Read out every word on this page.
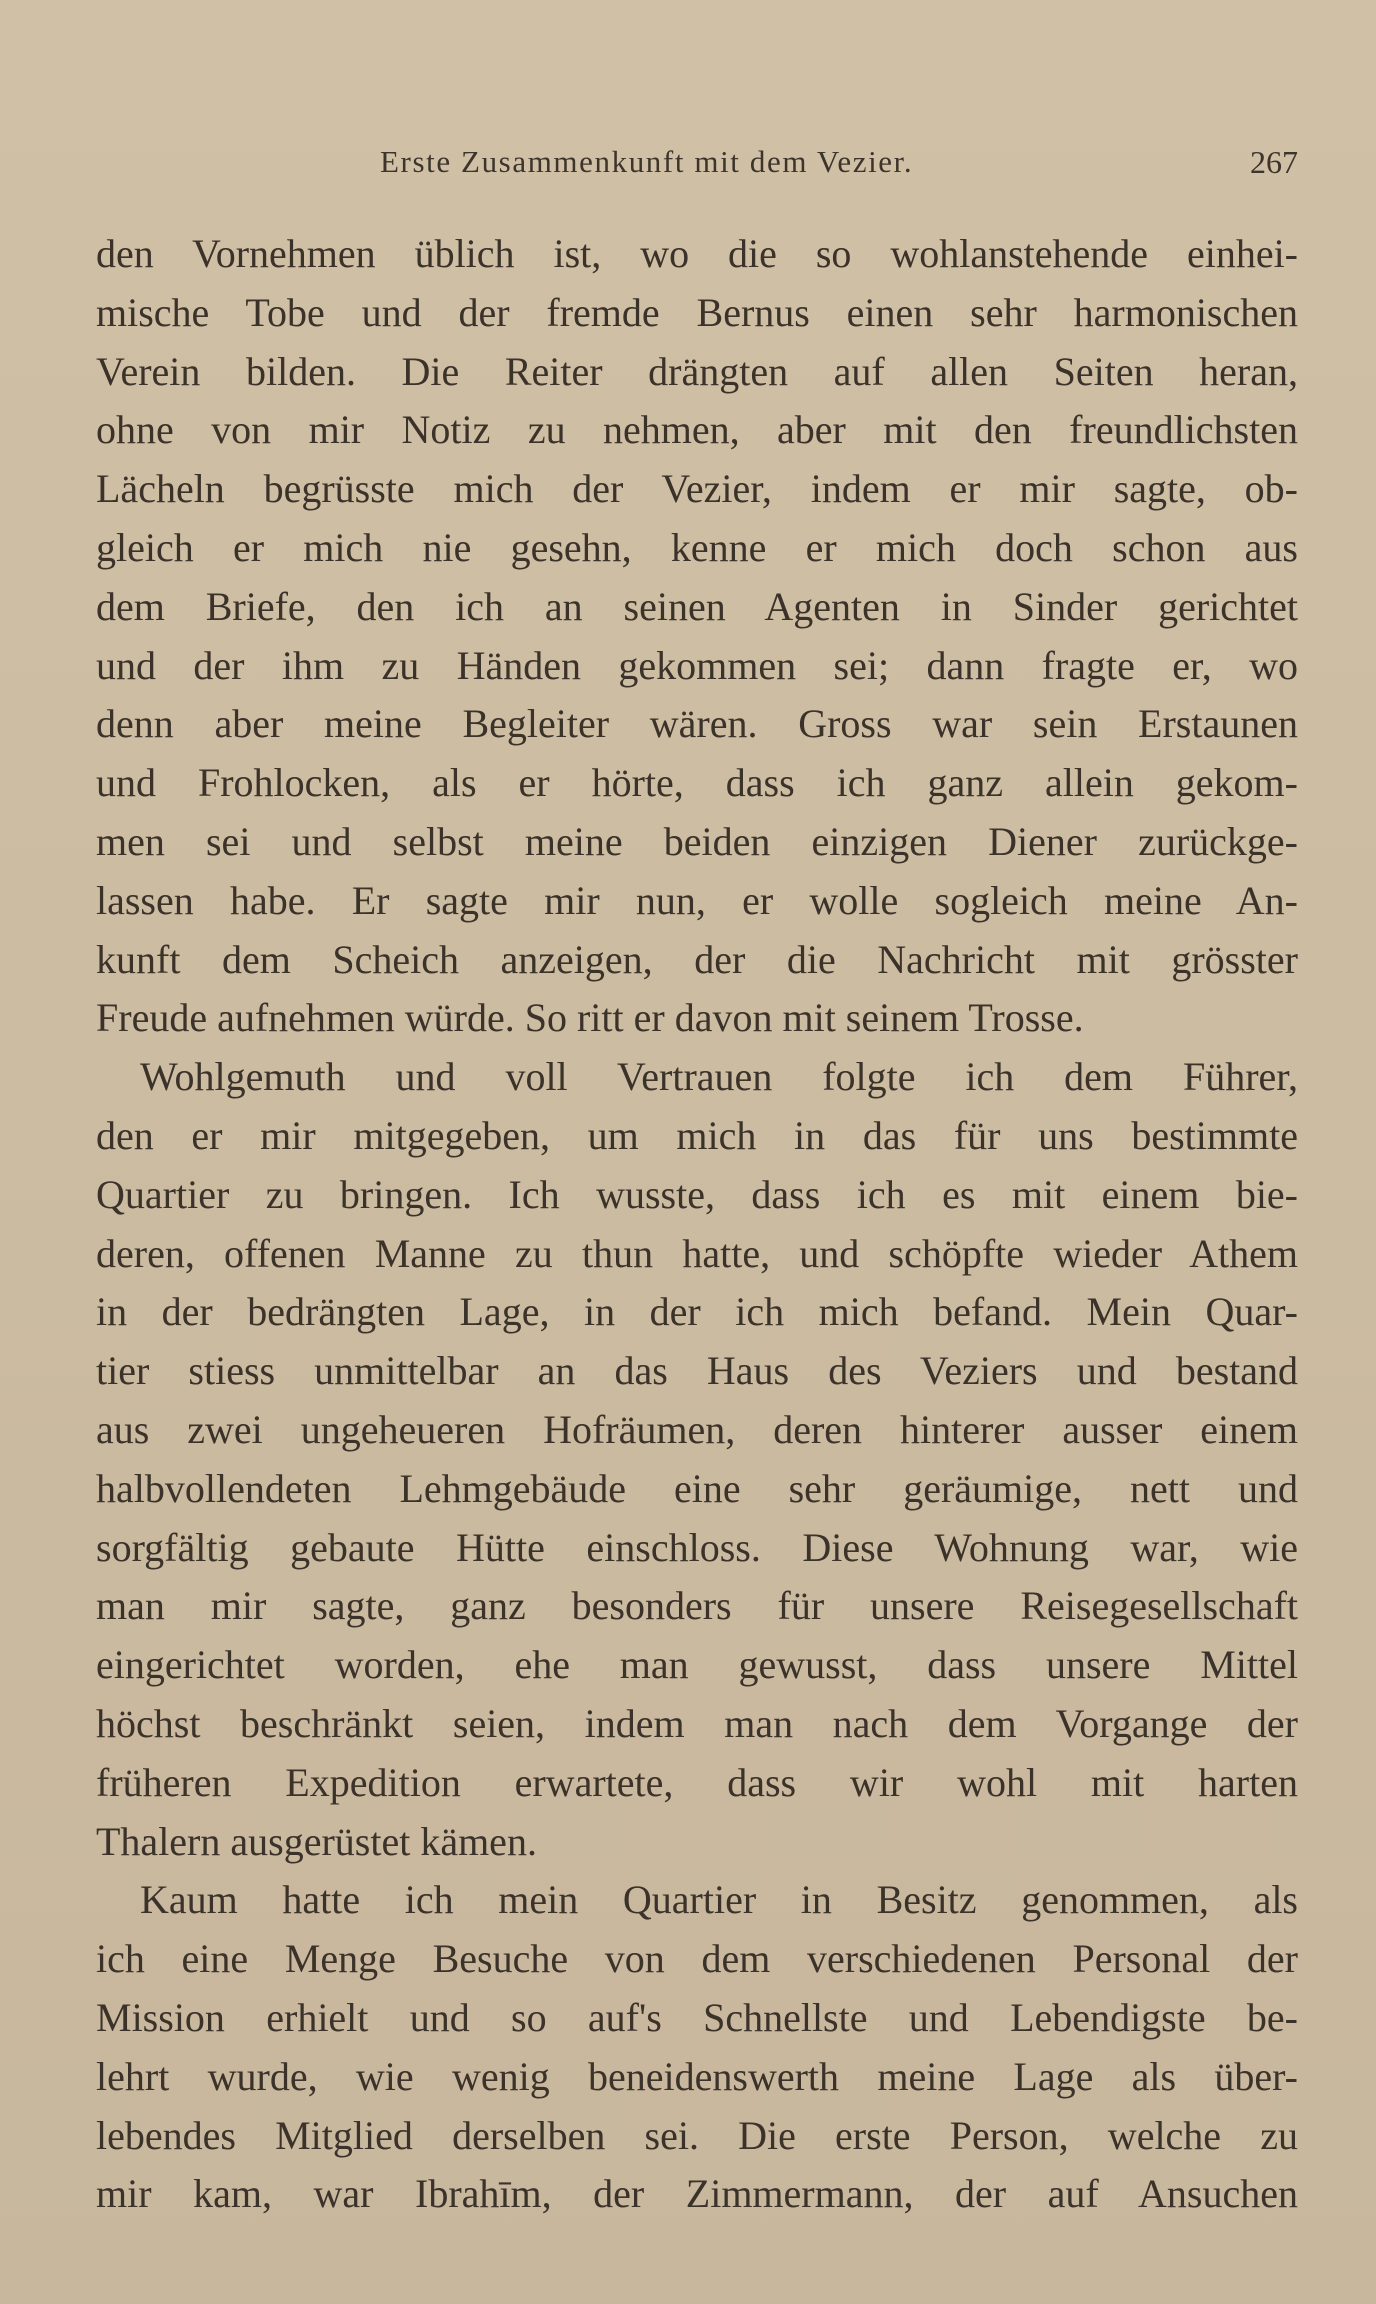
Erste Zusammenkunft mit dem Vezier.	267
den Vornehmen üblich ist, wo die so wohlanstehende einhei-
mische Tobe und der fremde Bernus einen sehr harmonischen
Verein bilden. Die Reiter drängten auf allen Seiten heran,
ohne von mir Notiz zu nehmen, aber mit den freundlichsten
Lächeln begrüsste mich der Vezier, indem er mir sagte, ob-
gleich er mich nie gesehn, kenne er mich doch schon aus
dem Briefe, den ich an seinen Agenten in Sinder gerichtet
und der ihm zu Händen gekommen sei; dann fragte er, wo
denn aber meine Begleiter wären. Gross war sein Erstaunen
und Frohlocken, als er hörte, dass ich ganz allein gekom-
men sei und selbst meine beiden einzigen Diener zurückge-
lassen habe. Er sagte mir nun, er wolle sogleich meine An-
kunft dem Scheich anzeigen, der die Nachricht mit grösster
Freude aufnehmen würde. So ritt er davon mit seinem Trosse.
Wohlgemuth und voll Vertrauen folgte ich dem Führer,
den er mir mitgegeben, um mich in das für uns bestimmte
Quartier zu bringen. Ich wusste, dass ich es mit einem bie-
deren, offenen Manne zu thun hatte, und schöpfte wieder Athem
in der bedrängten Lage, in der ich mich befand. Mein Quar-
tier stiess unmittelbar an das Haus des Veziers und bestand
aus zwei ungeheueren Hofräumen, deren hinterer ausser einem
halbvollendeten Lehmgebäude eine sehr geräumige, nett und
sorgfältig gebaute Hütte einschloss. Diese Wohnung war, wie
man mir sagte, ganz besonders für unsere Reisegesellschaft
eingerichtet worden, ehe man gewusst, dass unsere Mittel
höchst beschränkt seien, indem man nach dem Vorgange der
früheren Expedition erwartete, dass wir wohl mit harten
Thalern ausgerüstet kämen.
Kaum hatte ich mein Quartier in Besitz genommen, als
ich eine Menge Besuche von dem verschiedenen Personal der
Mission erhielt und so auf's Schnellste und Lebendigste be-
lehrt wurde, wie wenig beneidenswerth meine Lage als über-
lebendes Mitglied derselben sei. Die erste Person, welche zu
mir kam, war Ibrahīm, der Zimmermann, der auf Ansuchen
